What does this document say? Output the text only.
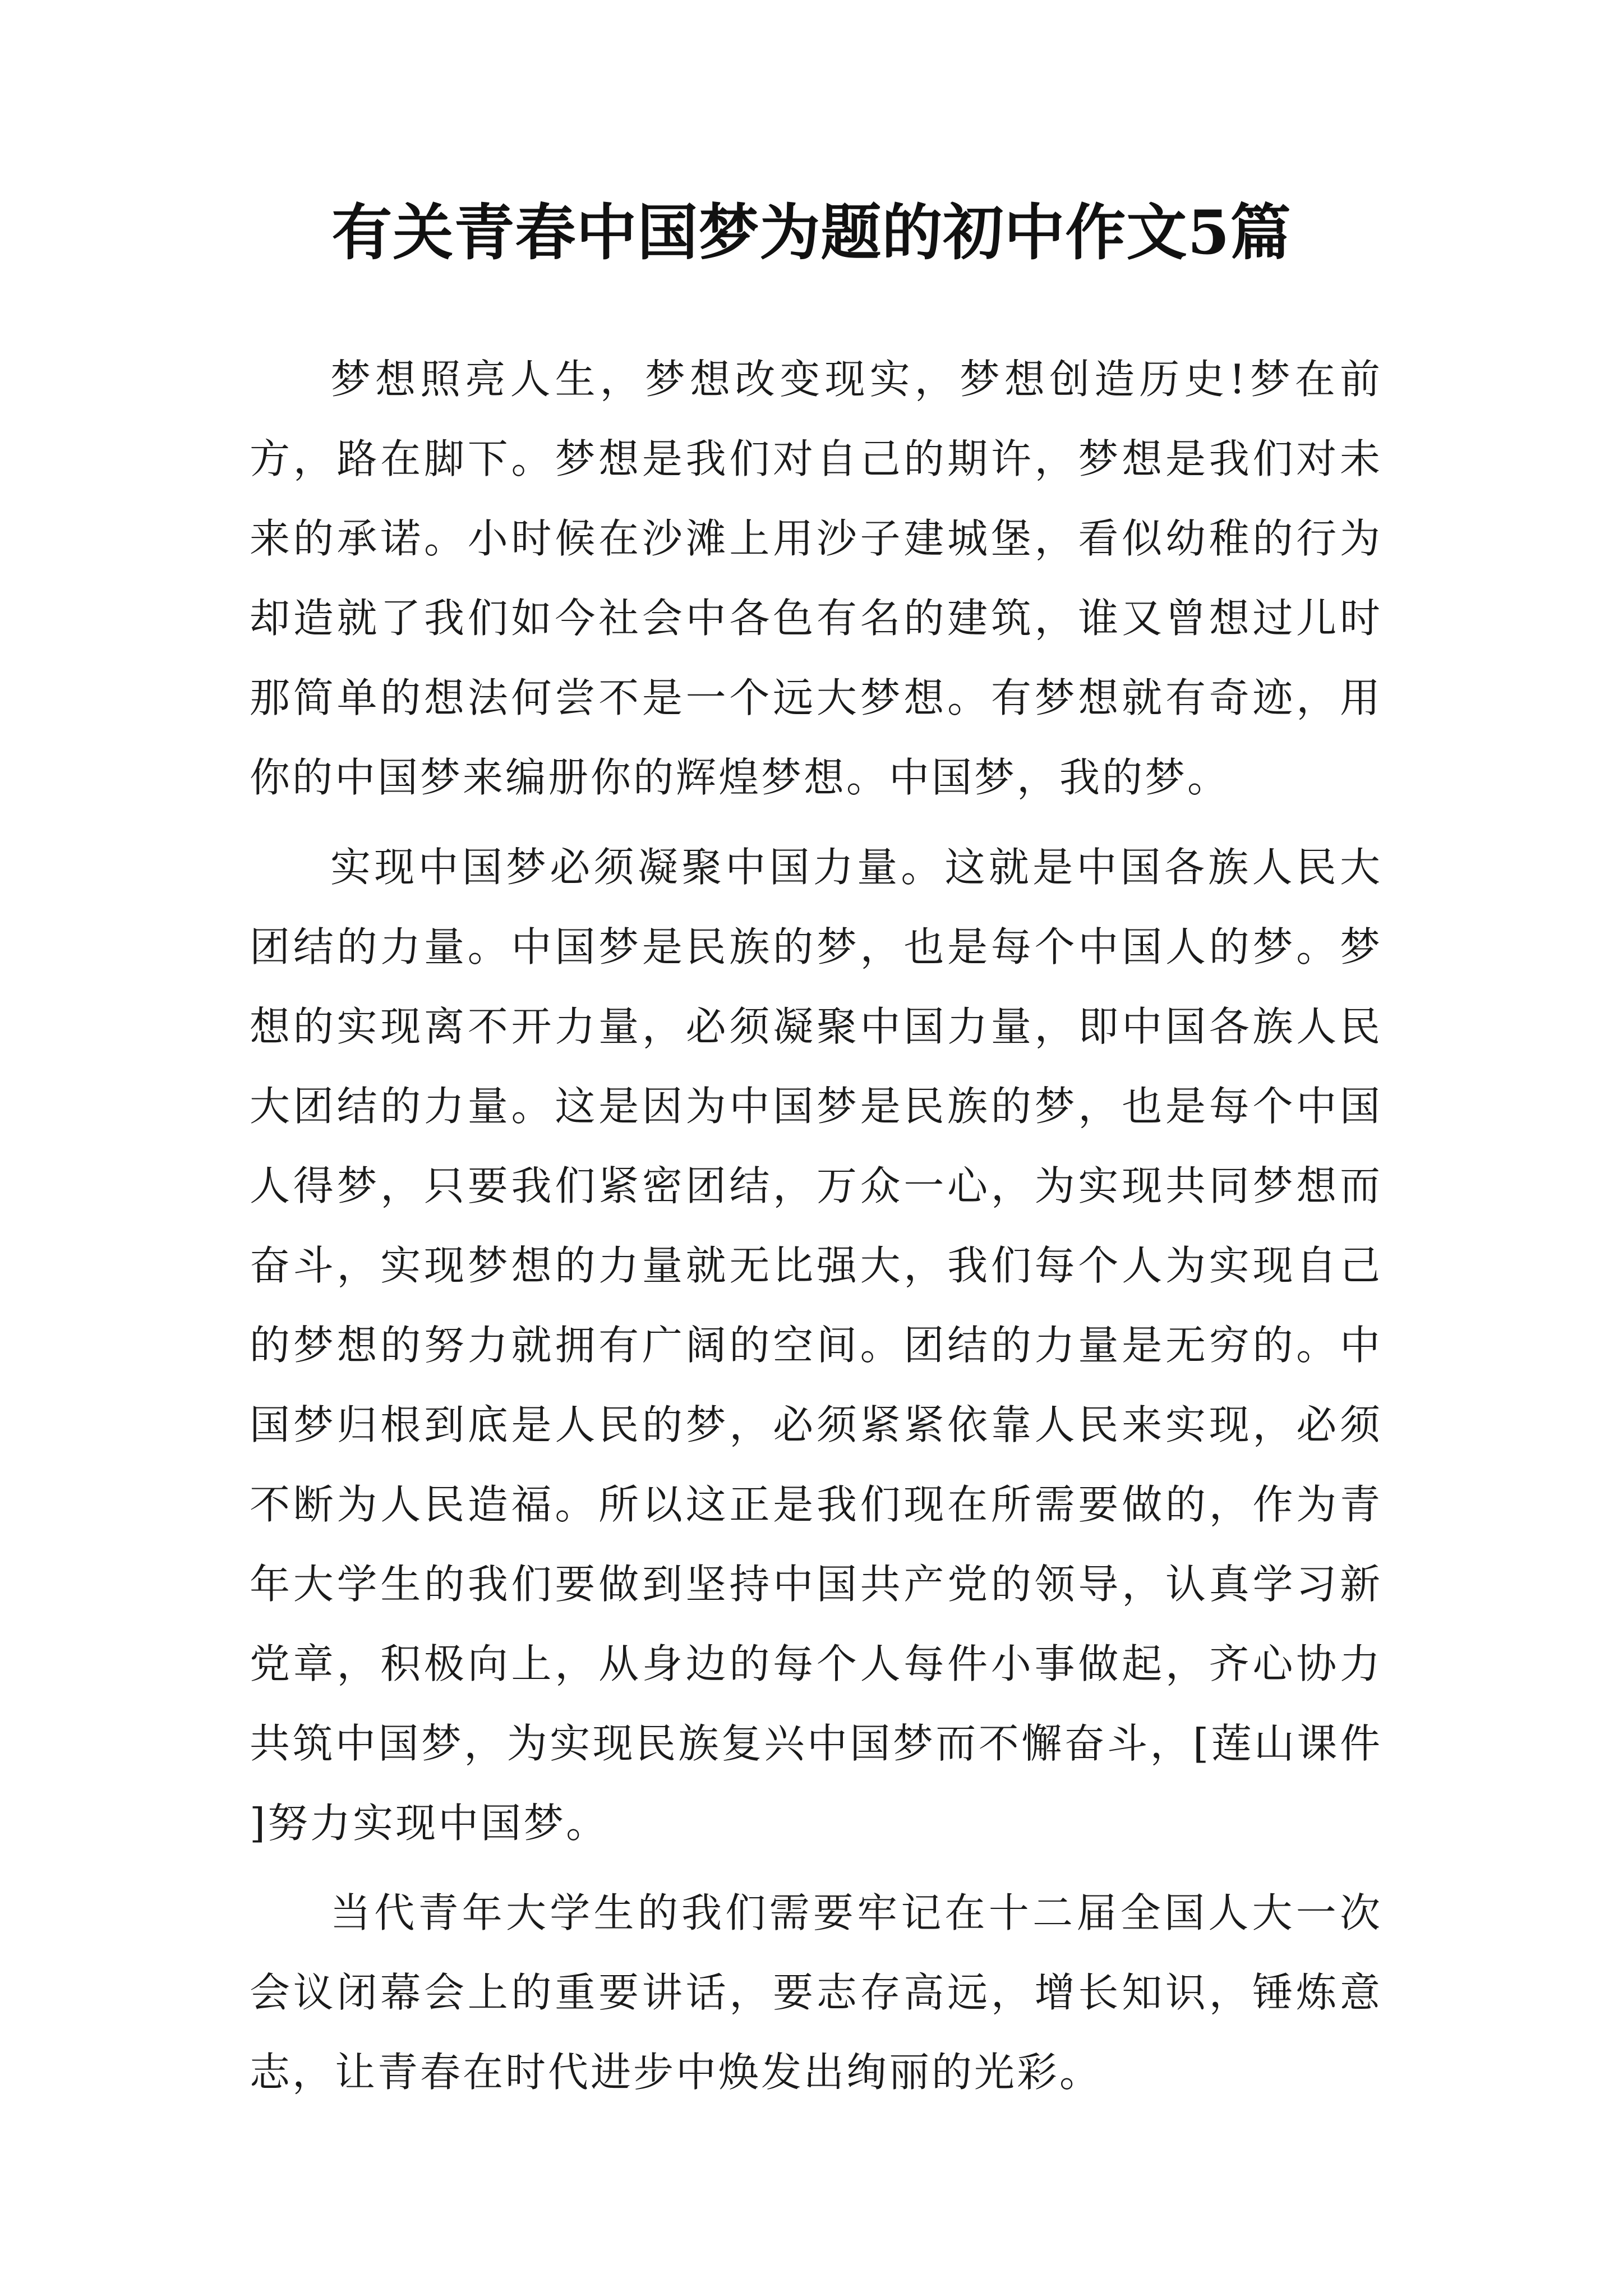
有关青春中国梦为题的初中作文5篇

梦想照亮人生，梦想改变现实，梦想创造历史!梦在前方，路在脚下。梦想是我们对自己的期许，梦想是我们对未来的承诺。小时候在沙滩上用沙子建城堡，看似幼稚的行为却造就了我们如今社会中各色有名的建筑，谁又曾想过儿时那简单的想法何尝不是一个远大梦想。有梦想就有奇迹，用你的中国梦来编册你的辉煌梦想。中国梦，我的梦。

实现中国梦必须凝聚中国力量。这就是中国各族人民大团结的力量。中国梦是民族的梦，也是每个中国人的梦。梦想的实现离不开力量，必须凝聚中国力量，即中国各族人民大团结的力量。这是因为中国梦是民族的梦，也是每个中国人得梦，只要我们紧密团结，万众一心，为实现共同梦想而奋斗，实现梦想的力量就无比强大，我们每个人为实现自己的梦想的努力就拥有广阔的空间。团结的力量是无穷的。中国梦归根到底是人民的梦，必须紧紧依靠人民来实现，必须不断为人民造福。所以这正是我们现在所需要做的，作为青年大学生的我们要做到坚持中国共产党的领导，认真学习新党章，积极向上，从身边的每个人每件小事做起，齐心协力共筑中国梦，为实现民族复兴中国梦而不懈奋斗，[莲山课件 ]努力实现中国梦。

当代青年大学生的我们需要牢记在十二届全国人大一次会议闭幕会上的重要讲话，要志存高远，增长知识，锤炼意志，让青春在时代进步中焕发出绚丽的光彩。
